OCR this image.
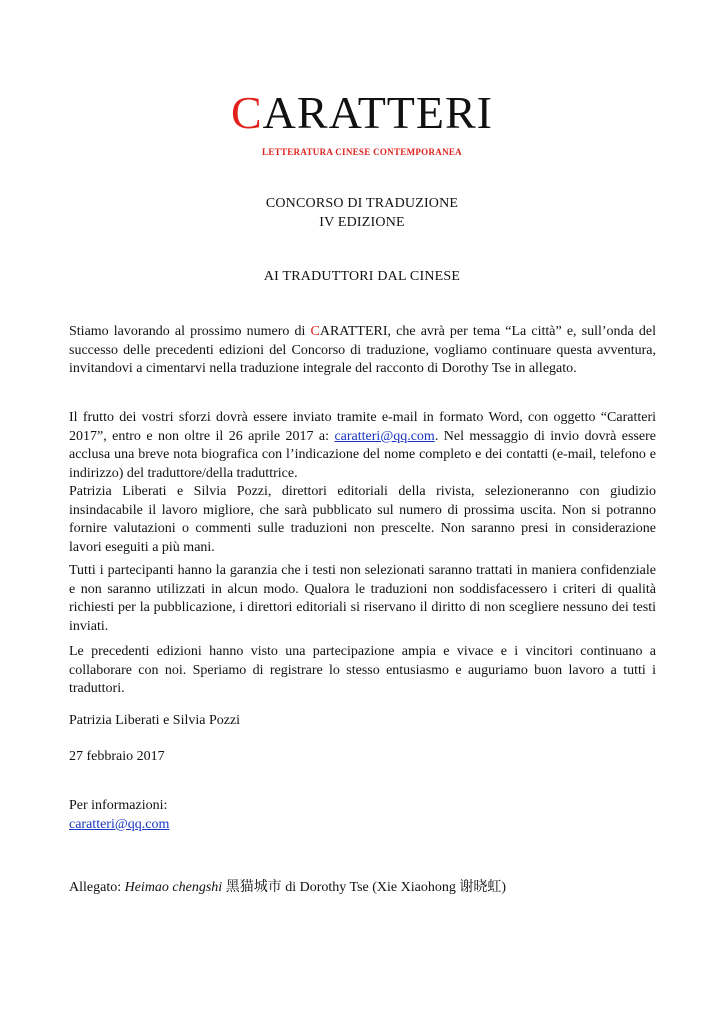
CARATTERI
LETTERATURA CINESE CONTEMPORANEA
CONCORSO DI TRADUZIONE
IV EDIZIONE
AI TRADUTTORI DAL CINESE

Stiamo lavorando al prossimo numero di CARATTERI, che avrà per tema “La città” e, sull’onda del successo delle precedenti edizioni del Concorso di traduzione, vogliamo continuare questa avventura, invitandovi a cimentarvi nella traduzione integrale del racconto di Dorothy Tse in allegato.

Il frutto dei vostri sforzi dovrà essere inviato tramite e-mail in formato Word, con oggetto “Caratteri 2017”, entro e non oltre il 26 aprile 2017 a: caratteri@qq.com. Nel messaggio di invio dovrà essere acclusa una breve nota biografica con l’indicazione del nome completo e dei contatti (e-mail, telefono e indirizzo) del traduttore/della traduttrice.

Patrizia Liberati e Silvia Pozzi, direttori editoriali della rivista, selezioneranno con giudizio insindacabile il lavoro migliore, che sarà pubblicato sul numero di prossima uscita. Non si potranno fornire valutazioni o commenti sulle traduzioni non prescelte. Non saranno presi in considerazione lavori eseguiti a più mani.

Tutti i partecipanti hanno la garanzia che i testi non selezionati saranno trattati in maniera confidenziale e non saranno utilizzati in alcun modo. Qualora le traduzioni non soddisfacessero i criteri di qualità richiesti per la pubblicazione, i direttori editoriali si riservano il diritto di non scegliere nessuno dei testi inviati.

Le precedenti edizioni hanno visto una partecipazione ampia e vivace e i vincitori continuano a collaborare con noi. Speriamo di registrare lo stesso entusiasmo e auguriamo buon lavoro a tutti i traduttori.

Patrizia Liberati e Silvia Pozzi
27 febbraio 2017
Per informazioni:
caratteri@qq.com
Allegato: Heimao chengshi 黑猫城市 di Dorothy Tse (Xie Xiaohong 谢晓虹)
